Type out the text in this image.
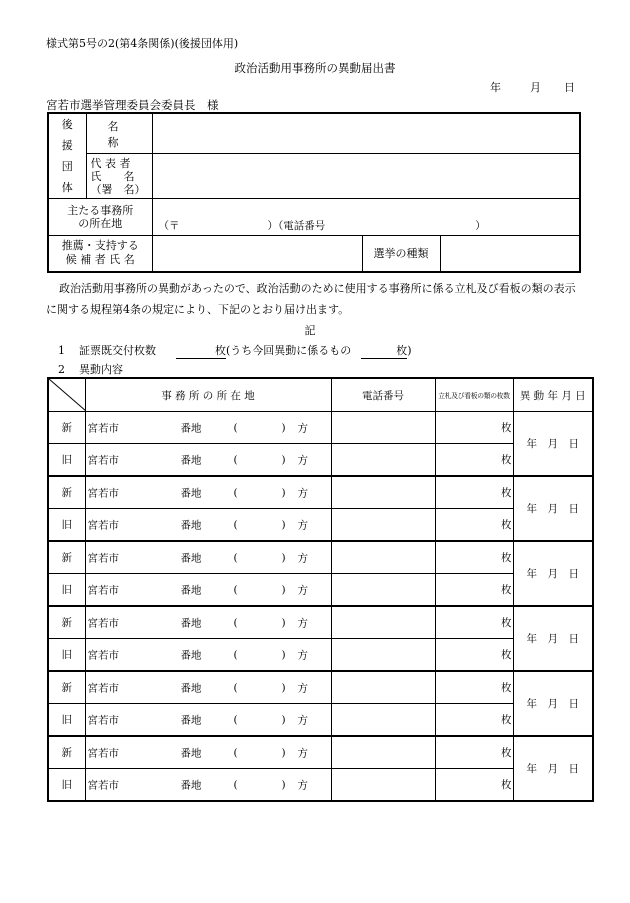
様式第5号の2(第4条関係)(後援団体用)
政治活動用事務所の異動届出書
年	月 日
宮若市選挙管理委員会委員長　様
後
援
団
体	名　称			

	代 表 者
氏　　名
（署　名）			

主たる事務所
の所在地		（〒 ）（電話番号 ）		

推薦・支持する
候 補 者 氏 名			選挙の種類	
政治活動用事務所の異動があったので、政治活動のために使用する事務所に係る立札及び看板の類の表示に関する規程第4条の規定により、下記のとおり届け出ます。
記
1 証票既交付枚数	枚(うち今回異動に係るもの	枚)
2 異動内容
	事 務 所 の 所 在 地	電話番号	立札及び看板の類の枚数	異 動 年 月 日
新	宮若市 番地 ( ) 方		枚	年　月　日
旧	宮若市 番地 ( ) 方		枚	
新	宮若市 番地 ( ) 方		枚	年　月　日
旧	宮若市 番地 ( ) 方		枚	
新	宮若市 番地 ( ) 方		枚	年　月　日
旧	宮若市 番地 ( ) 方		枚	
新	宮若市 番地 ( ) 方		枚	年　月　日
旧	宮若市 番地 ( ) 方		枚	
新	宮若市 番地 ( ) 方		枚	年　月　日
旧	宮若市 番地 ( ) 方		枚	
新	宮若市 番地 ( ) 方		枚	年　月　日
旧	宮若市 番地 ( ) 方		枚	
